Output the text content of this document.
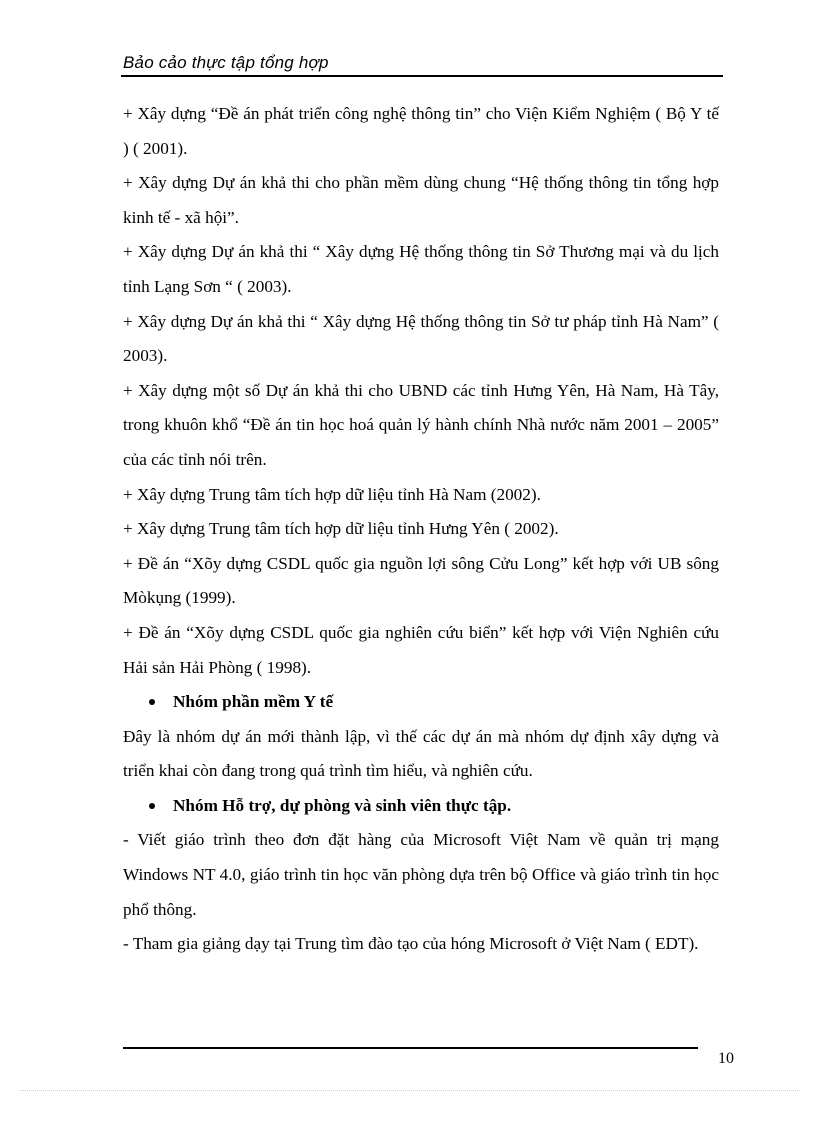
Bảo cảo thực tập tổng hợp

+ Xây dựng “Đề án phát triển công nghệ thông tin” cho Viện Kiểm Nghiệm ( Bộ Y tế ) ( 2001).

+ Xây dựng Dự án khả thi cho phần mềm dùng chung “Hệ thống thông tin tổng hợp kinh tế - xã hội”.

+ Xây dựng Dự án khả thi “ Xây dựng Hệ thống thông tin Sở Thương mại và du lịch tỉnh Lạng Sơn “ ( 2003).

+ Xây dựng Dự án khả thi “ Xây dựng Hệ thống thông tin Sở tư pháp tỉnh Hà Nam” ( 2003).

+ Xây dựng một số Dự án khả thi cho UBND các tỉnh Hưng Yên, Hà Nam, Hà Tây, trong khuôn khổ “Đề án tin học hoá quản lý hành chính Nhà nước năm 2001 – 2005” của các tỉnh nói trên.

+ Xây dựng Trung tâm tích hợp dữ liệu tỉnh Hà Nam (2002).

+ Xây dựng Trung tâm tích hợp dữ liệu tỉnh Hưng Yên ( 2002).

+ Đề án “Xõy dựng CSDL quốc gia nguồn lợi sông Cửu Long” kết hợp với UB sông Mòkụng (1999).

+ Đề án “Xõy dựng CSDL quốc gia nghiên cứu biển” kết hợp với Viện Nghiên cứu Hải sản Hải Phòng ( 1998).

Nhóm phần mềm Y tế

Đây là nhóm dự án mới thành lập, vì thế các dự án mà nhóm dự định xây dựng và triển khai còn đang trong quá trình tìm hiểu, và nghiên cứu.

Nhóm Hỗ trợ, dự phòng và sinh viên thực tập.

- Viết giáo trình theo đơn đặt hàng của Microsoft Việt Nam về quản trị mạng Windows NT 4.0, giáo trình tin học văn phòng dựa trên bộ Office và giáo trình tin học phổ thông.

- Tham gia giảng dạy tại Trung tìm đào tạo của hóng Microsoft ở Việt Nam ( EDT).

10
